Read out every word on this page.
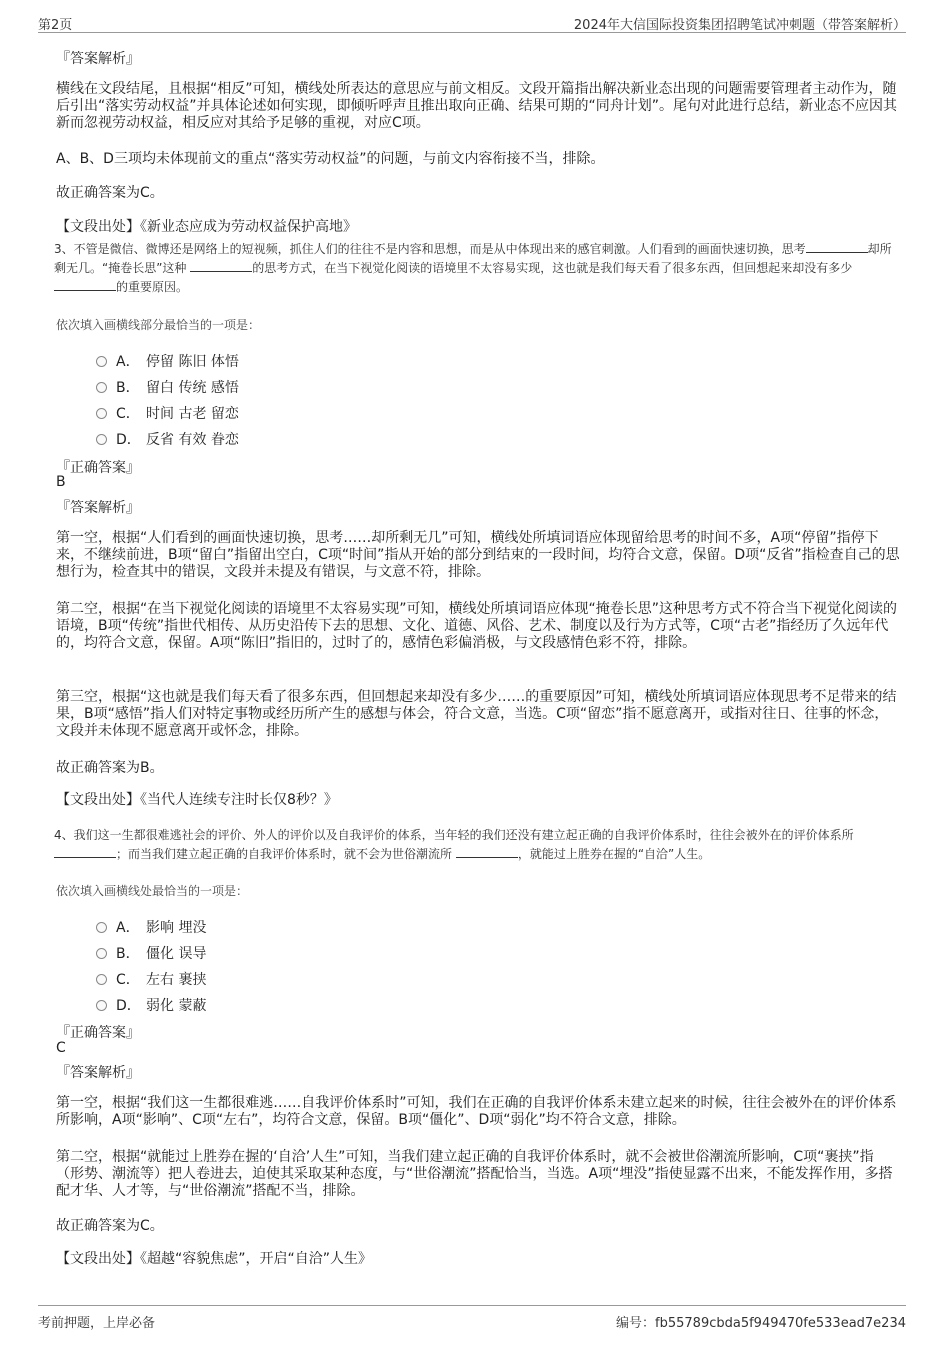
第2页	2024年大信国际投资集团招聘笔试冲刺题（带答案解析）
『答案解析』
横线在文段结尾，且根据“相反”可知，横线处所表达的意思应与前文相反。文段开篇指出解决新业态出现的问题需要管理者主动作为，随后引出“落实劳动权益”并具体论述如何实现，即倾听呼声且推出取向正确、结果可期的“同舟计划”。尾句对此进行总结，新业态不应因其新而忽视劳动权益，相反应对其给予足够的重视，对应C项。
A、B、D三项均未体现前文的重点“落实劳动权益”的问题，与前文内容衔接不当，排除。
故正确答案为C。
【文段出处】《新业态应成为劳动权益保护高地》
3、不管是微信、微博还是网络上的短视频，抓住人们的往往不是内容和思想，而是从中体现出来的感官刺激。人们看到的画面快速切换，思考	却所剩无几。“掩卷长思”这种	的思考方式，在当下视觉化阅读的语境里不太容易实现，这也就是我们每天看了很多东西，但回想起来却没有多少 的重要原因。
依次填入画横线部分最恰当的一项是：
A． 停留 陈旧 体悟
B． 留白 传统 感悟
C． 时间 古老 留恋
D． 反省 有效 眷恋
『正确答案』
B
『答案解析』
第一空，根据“人们看到的画面快速切换，思考……却所剩无几”可知，横线处所填词语应体现留给思考的时间不多，A项“停留”指停下来，不继续前进，B项“留白”指留出空白，C项“时间”指从开始的部分到结束的一段时间，均符合文意，保留。D项“反省”指检查自己的思想行为，检查其中的错误，文段并未提及有错误，与文意不符，排除。
第二空，根据“在当下视觉化阅读的语境里不太容易实现”可知，横线处所填词语应体现“掩卷长思”这种思考方式不符合当下视觉化阅读的语境，B项“传统”指世代相传、从历史沿传下去的思想、文化、道德、风俗、艺术、制度以及行为方式等，C项“古老”指经历了久远年代的，均符合文意，保留。A项“陈旧”指旧的，过时了的，感情色彩偏消极，与文段感情色彩不符，排除。
第三空，根据“这也就是我们每天看了很多东西，但回想起来却没有多少……的重要原因”可知，横线处所填词语应体现思考不足带来的结果，B项“感悟”指人们对特定事物或经历所产生的感想与体会，符合文意，当选。C项“留恋”指不愿意离开，或指对往日、往事的怀念，文段并未体现不愿意离开或怀念，排除。
故正确答案为B。
【文段出处】《当代人连续专注时长仅8秒？》
4、我们这一生都很难逃社会的评价、外人的评价以及自我评价的体系，当年轻的我们还没有建立起正确的自我评价体系时，往往会被外在的评价体系所 ；而当我们建立起正确的自我评价体系时，就不会为世俗潮流所	，就能过上胜券在握的“自洽”人生。
依次填入画横线处最恰当的一项是：
A． 影响 埋没
B． 僵化 误导
C． 左右 裹挟
D． 弱化 蒙蔽
『正确答案』
C
『答案解析』
第一空，根据“我们这一生都很难逃……自我评价体系时”可知，我们在正确的自我评价体系未建立起来的时候，往往会被外在的评价体系所影响，A项“影响”、C项“左右”，均符合文意，保留。B项“僵化”、D项“弱化”均不符合文意，排除。
第二空，根据“就能过上胜券在握的‘自洽’人生”可知，当我们建立起正确的自我评价体系时，就不会被世俗潮流所影响，C项“裹挟”指（形势、潮流等）把人卷进去，迫使其采取某种态度，与“世俗潮流”搭配恰当，当选。A项“埋没”指使显露不出来，不能发挥作用，多搭配才华、人才等，与“世俗潮流”搭配不当，排除。
故正确答案为C。
【文段出处】《超越“容貌焦虑”，开启“自洽”人生》
考前押题，上岸必备	编号：fb55789cbda5f949470fe533ead7e234
